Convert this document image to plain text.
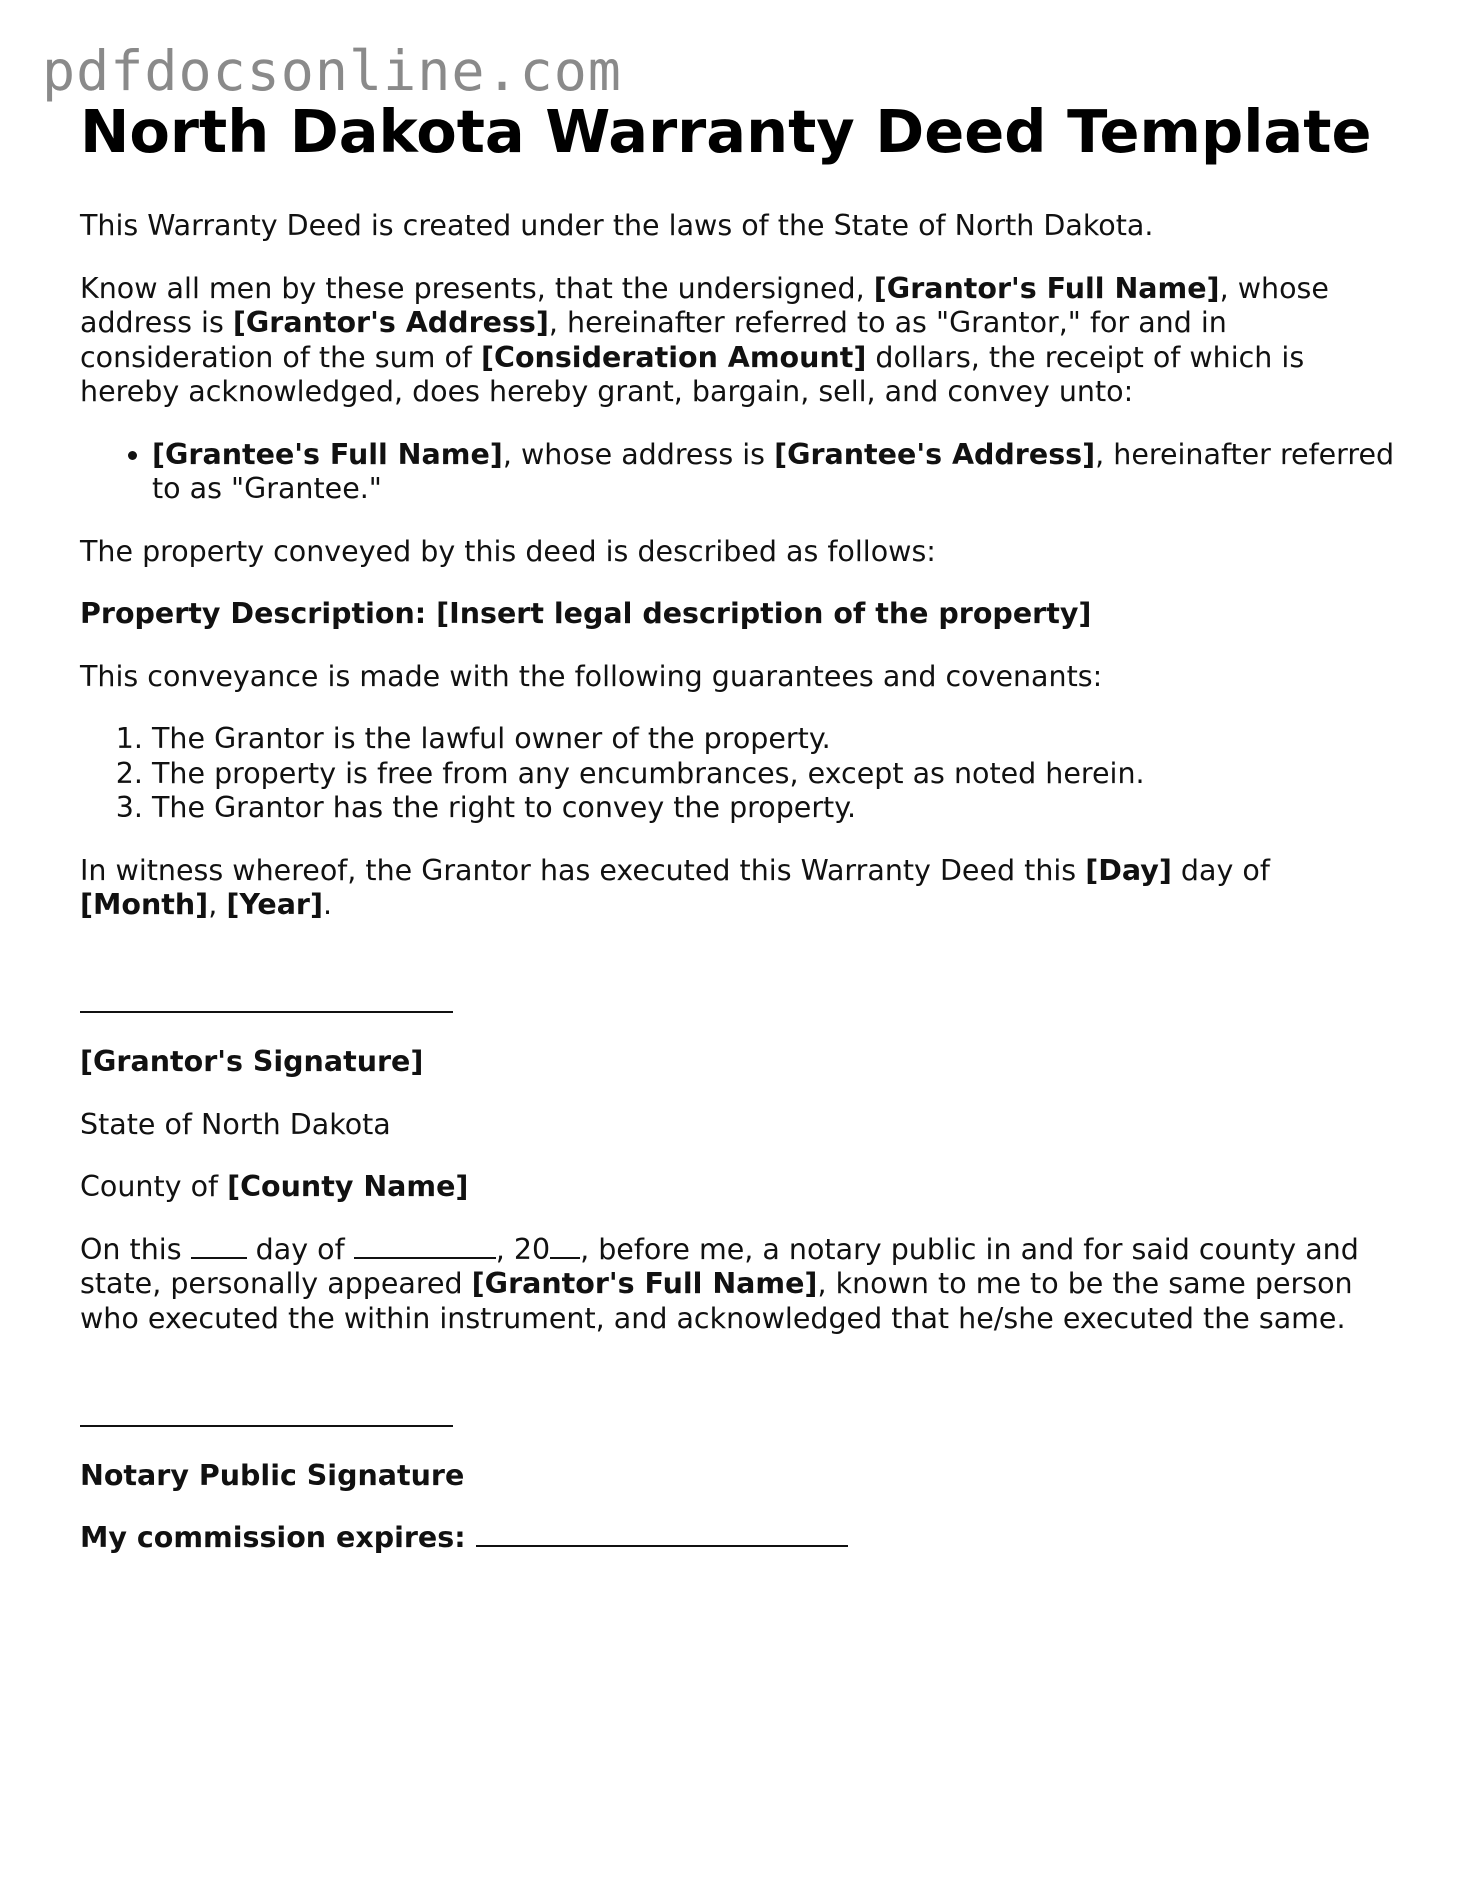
pdfdocsonline.com
North Dakota Warranty Deed Template

This Warranty Deed is created under the laws of the State of North Dakota.

Know all men by these presents, that the undersigned, [Grantor's Full Name], whose address is [Grantor's Address], hereinafter referred to as "Grantor," for and in consideration of the sum of [Consideration Amount] dollars, the receipt of which is hereby acknowledged, does hereby grant, bargain, sell, and convey unto:

• [Grantee's Full Name], whose address is [Grantee's Address], hereinafter referred to as "Grantee."

The property conveyed by this deed is described as follows:

Property Description: [Insert legal description of the property]

This conveyance is made with the following guarantees and covenants:

1. The Grantor is the lawful owner of the property.
2. The property is free from any encumbrances, except as noted herein.
3. The Grantor has the right to convey the property.

In witness whereof, the Grantor has executed this Warranty Deed this [Day] day of [Month], [Year].

[Grantor's Signature]

State of North Dakota

County of [County Name]

On this  day of	, 20 , before me, a notary public in and for said county and state, personally appeared [Grantor's Full Name], known to me to be the same person who executed the within instrument, and acknowledged that he/she executed the same.

Notary Public Signature

My commission expires:
